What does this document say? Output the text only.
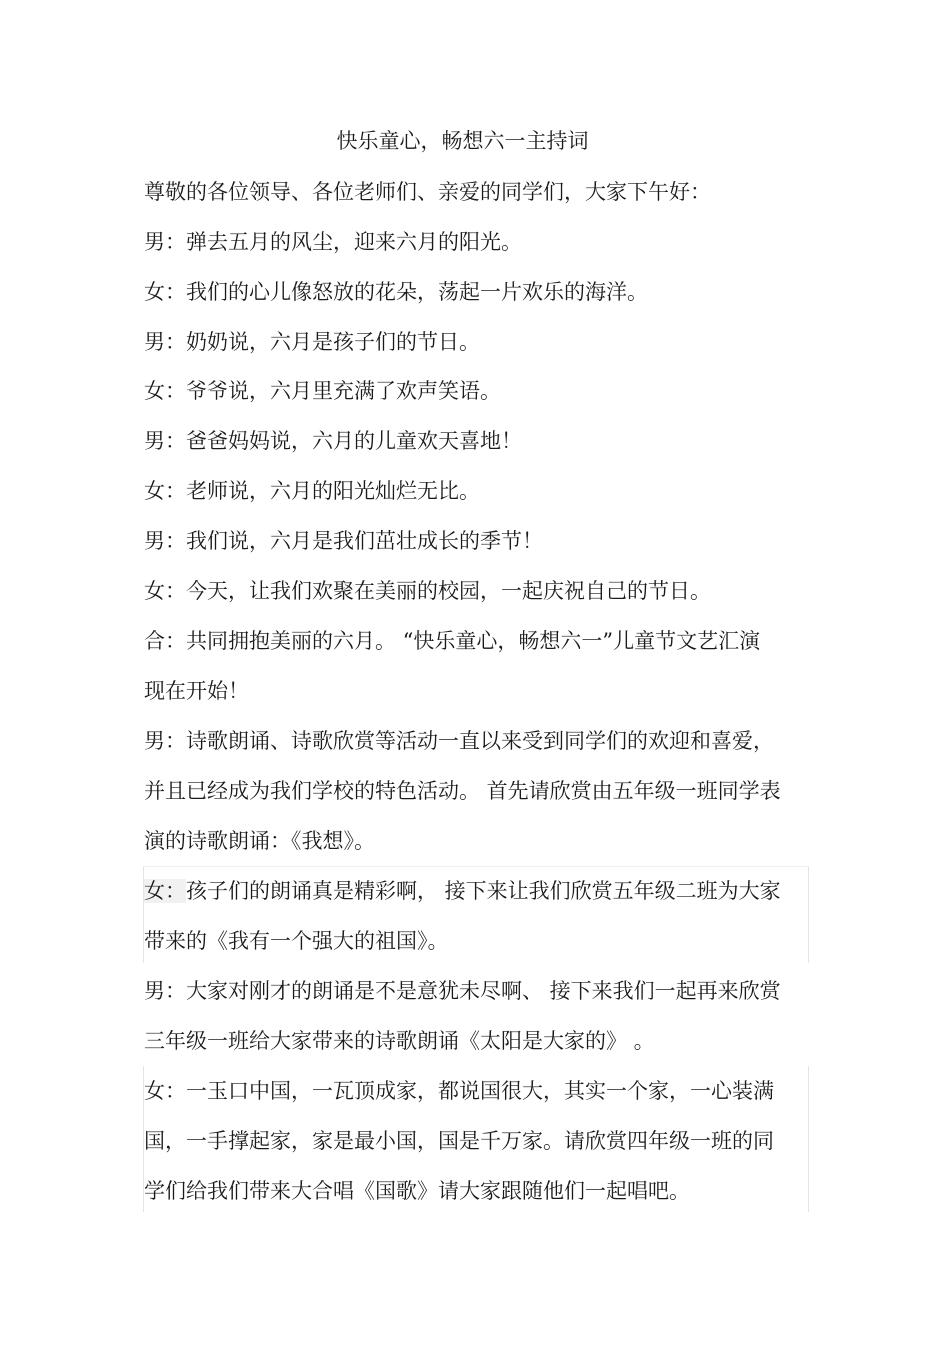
快乐童心，畅想六一主持词
尊敬的各位领导、各位老师们、亲爱的同学们，大家下午好：
男：弹去五月的风尘，迎来六月的阳光。
女：我们的心儿像怒放的花朵，荡起一片欢乐的海洋。
男：奶奶说，六月是孩子们的节日。
女：爷爷说，六月里充满了欢声笑语。
男：爸爸妈妈说，六月的儿童欢天喜地！
女：老师说，六月的阳光灿烂无比。
男：我们说，六月是我们茁壮成长的季节！
女：今天，让我们欢聚在美丽的校园，一起庆祝自己的节日。
合：共同拥抱美丽的六月。 “快乐童心，畅想六一”儿童节文艺汇演
现在开始！
男：诗歌朗诵、诗歌欣赏等活动一直以来受到同学们的欢迎和喜爱，
并且已经成为我们学校的特色活动。 首先请欣赏由五年级一班同学表
演的诗歌朗诵：《我想》。
女：孩子们的朗诵真是精彩啊， 接下来让我们欣赏五年级二班为大家
带来的《我有一个强大的祖国》。
男：大家对刚才的朗诵是不是意犹未尽啊、 接下来我们一起再来欣赏
三年级一班给大家带来的诗歌朗诵《太阳是大家的》 。
女：一玉口中国，一瓦顶成家，都说国很大，其实一个家，一心装满
国，一手撑起家，家是最小国，国是千万家。请欣赏四年级一班的同
学们给我们带来大合唱《国歌》请大家跟随他们一起唱吧。
